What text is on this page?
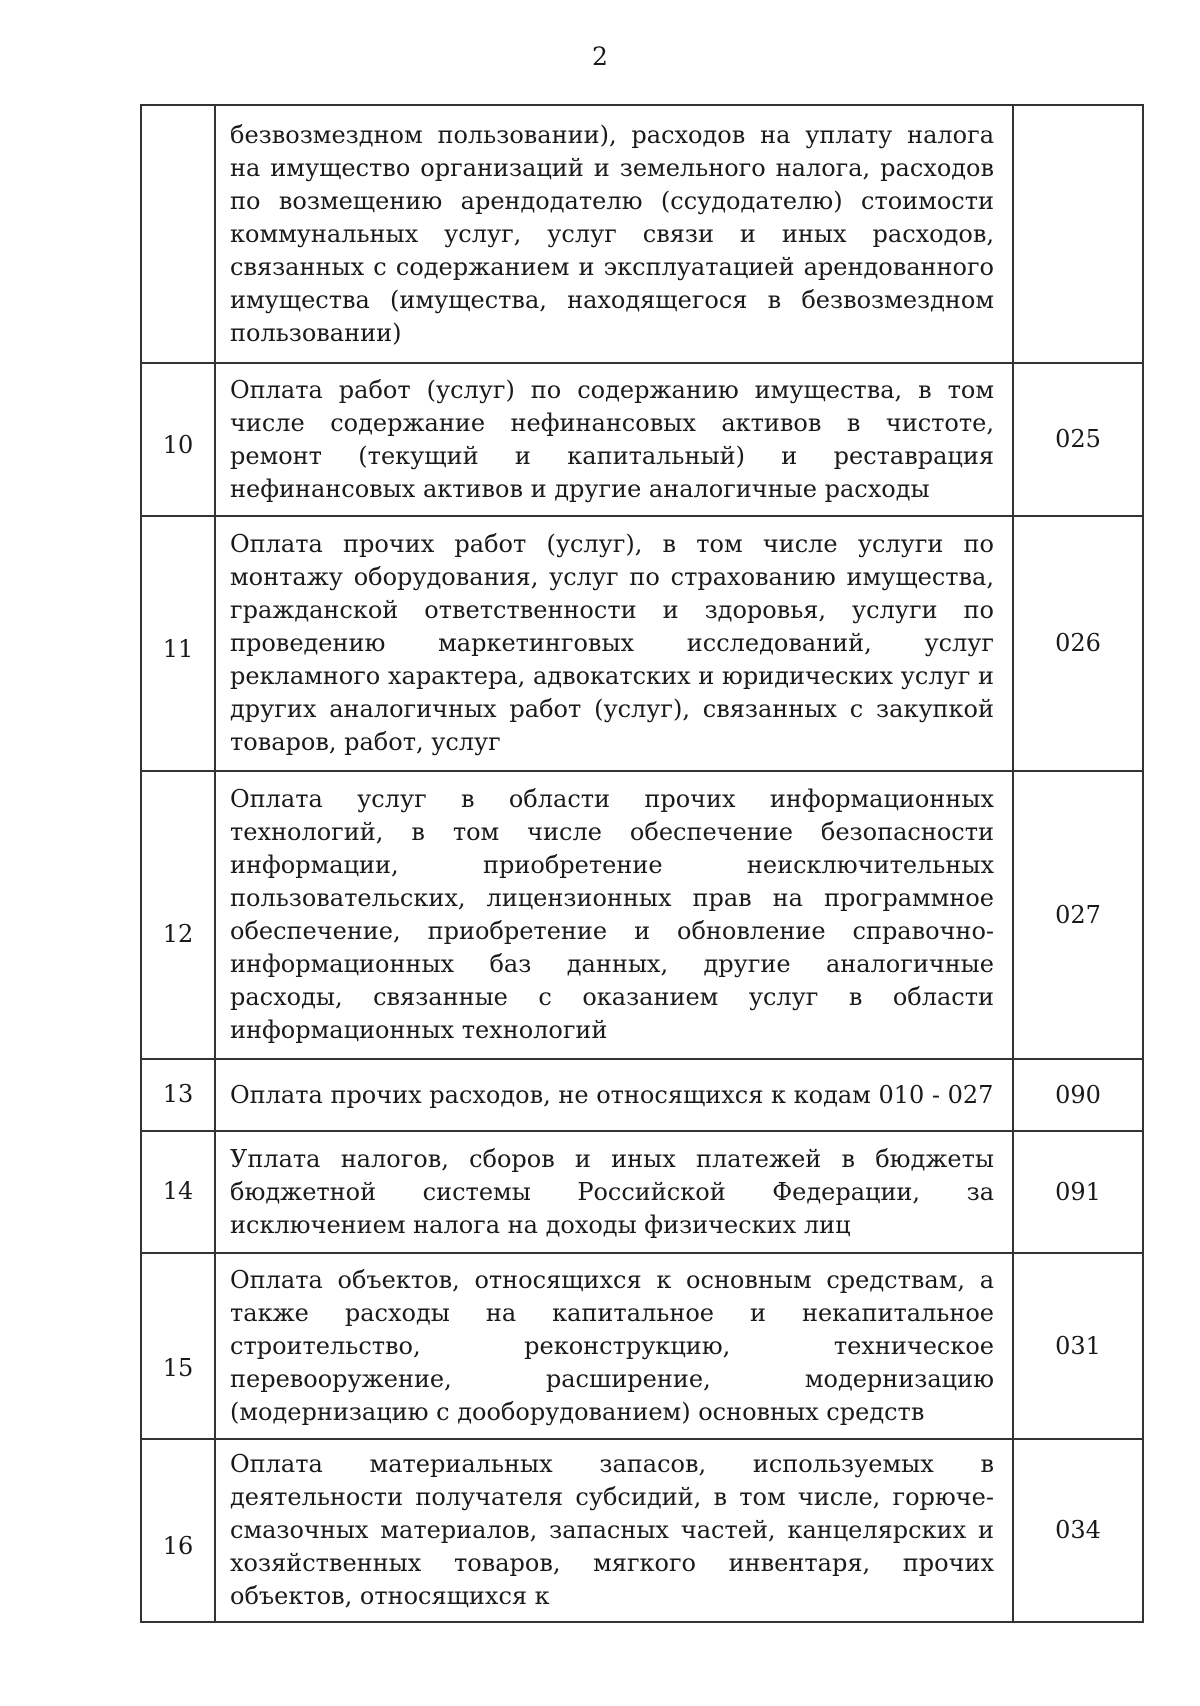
2
	безвозмездном пользовании), расходов на уплату налога на имущество организаций и земельного налога, расходов по возмещению арендодателю (ссудодателю) стоимости коммунальных услуг, услуг связи и иных расходов, связанных с содержанием и эксплуатацией арендованного имущества (имущества, находящегося в безвозмездном пользовании)	
10	Оплата работ (услуг) по содержанию имущества, в том числе содержание нефинансовых активов в чистоте, ремонт (текущий и капитальный) и реставрация нефинансовых активов и другие аналогичные расходы	025
11	Оплата прочих работ (услуг), в том числе услуги по монтажу оборудования, услуг по страхованию имущества, гражданской ответственности и здоровья, услуги по проведению маркетинговых исследований, услуг рекламного характера, адвокатских и юридических услуг и других аналогичных работ (услуг), связанных с закупкой товаров, работ, услуг	026
12	Оплата услуг в области прочих информационных технологий, в том числе обеспечение безопасности информации, приобретение неисключительных пользовательских, лицензионных прав на программное обеспечение, приобретение и обновление справочно-информационных баз данных, другие аналогичные расходы, связанные с оказанием услуг в области информационных технологий	027
13	Оплата прочих расходов, не относящихся к кодам 010 - 027	090
14	Уплата налогов, сборов и иных платежей в бюджеты бюджетной системы Российской Федерации, за исключением налога на доходы физических лиц	091
15	Оплата объектов, относящихся к основным средствам, а также расходы на капитальное и некапитальное строительство, реконструкцию, техническое перевооружение, расширение, модернизацию (модернизацию с дооборудованием) основных средств	031
16	Оплата материальных запасов, используемых в деятельности получателя субсидий, в том числе, горюче-смазочных материалов, запасных частей, канцелярских и хозяйственных товаров, мягкого инвентаря, прочих объектов, относящихся к	034
